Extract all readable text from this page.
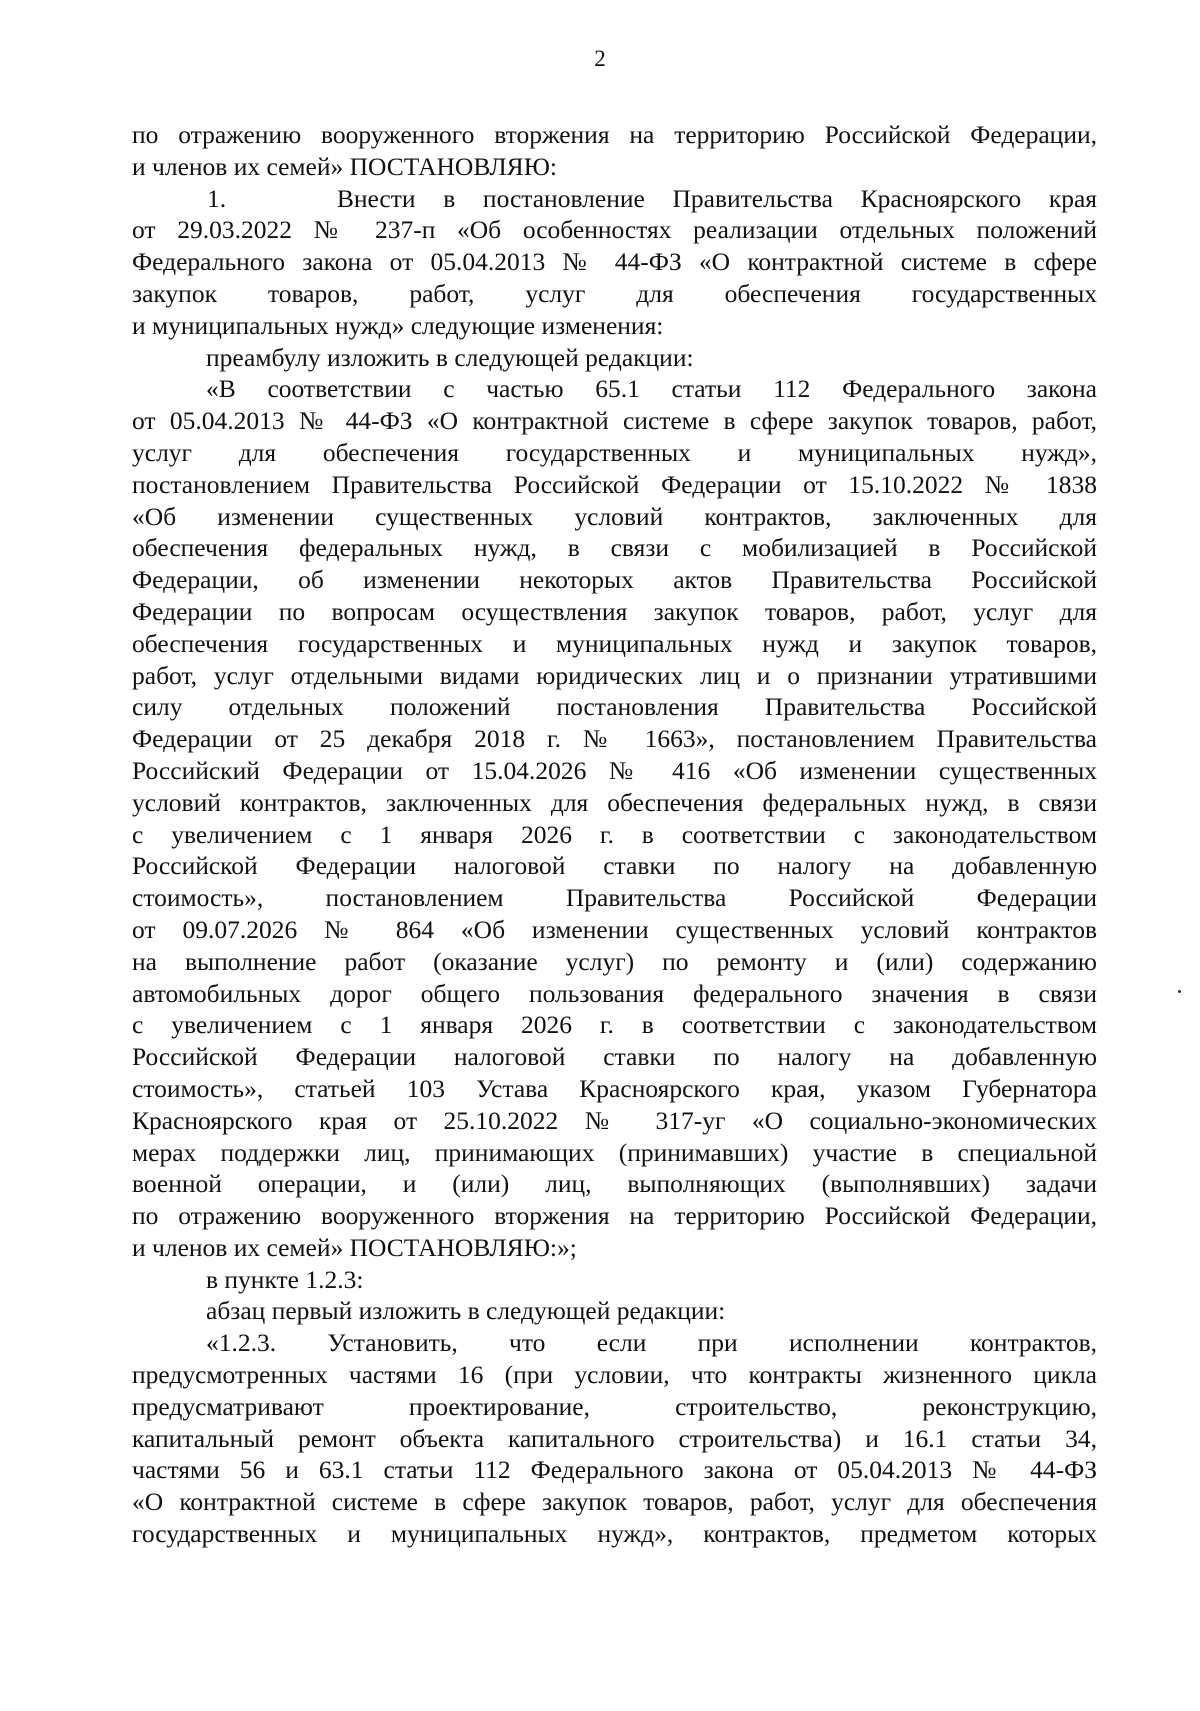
2
по отражению вооруженного вторжения на территорию Российской Федерации,
и членов их семей» ПОСТАНОВЛЯЮ:
1.    Внести в постановление Правительства Красноярского края
от 29.03.2022 № 237-п «Об особенностях реализации отдельных положений
Федерального закона от 05.04.2013 № 44-ФЗ «О контрактной системе в сфере
закупок товаров, работ, услуг для обеспечения государственных
и муниципальных нужд» следующие изменения:
преамбулу изложить в следующей редакции:
«В соответствии с частью 65.1 статьи 112 Федерального закона
от 05.04.2013 № 44-ФЗ «О контрактной системе в сфере закупок товаров, работ,
услуг для обеспечения государственных и муниципальных нужд»,
постановлением Правительства Российской Федерации от 15.10.2022 № 1838
«Об изменении существенных условий контрактов, заключенных для
обеспечения федеральных нужд, в связи с мобилизацией в Российской
Федерации, об изменении некоторых актов Правительства Российской
Федерации по вопросам осуществления закупок товаров, работ, услуг для
обеспечения государственных и муниципальных нужд и закупок товаров,
работ, услуг отдельными видами юридических лиц и о признании утратившими
силу отдельных положений постановления Правительства Российской
Федерации от 25 декабря 2018 г. № 1663», постановлением Правительства
Российский Федерации от 15.04.2026 № 416 «Об изменении существенных
условий контрактов, заключенных для обеспечения федеральных нужд, в связи
с увеличением с 1 января 2026 г. в соответствии с законодательством
Российской Федерации налоговой ставки по налогу на добавленную
стоимость», постановлением Правительства Российской Федерации
от 09.07.2026 № 864 «Об изменении существенных условий контрактов
на выполнение работ (оказание услуг) по ремонту и (или) содержанию
автомобильных дорог общего пользования федерального значения в связи
с увеличением с 1 января 2026 г. в соответствии с законодательством
Российской Федерации налоговой ставки по налогу на добавленную
стоимость», статьей 103 Устава Красноярского края, указом Губернатора
Красноярского края от 25.10.2022 № 317-уг «О социально-экономических
мерах поддержки лиц, принимающих (принимавших) участие в специальной
военной операции, и (или) лиц, выполняющих (выполнявших) задачи
по отражению вооруженного вторжения на территорию Российской Федерации,
и членов их семей» ПОСТАНОВЛЯЮ:»;
в пункте 1.2.3:
абзац первый изложить в следующей редакции:
«1.2.3. Установить, что если при исполнении контрактов,
предусмотренных частями 16 (при условии, что контракты жизненного цикла
предусматривают проектирование, строительство, реконструкцию,
капитальный ремонт объекта капитального строительства) и 16.1 статьи 34,
частями 56 и 63.1 статьи 112 Федерального закона от 05.04.2013 № 44-ФЗ
«О контрактной системе в сфере закупок товаров, работ, услуг для обеспечения
государственных и муниципальных нужд», контрактов, предметом которых
